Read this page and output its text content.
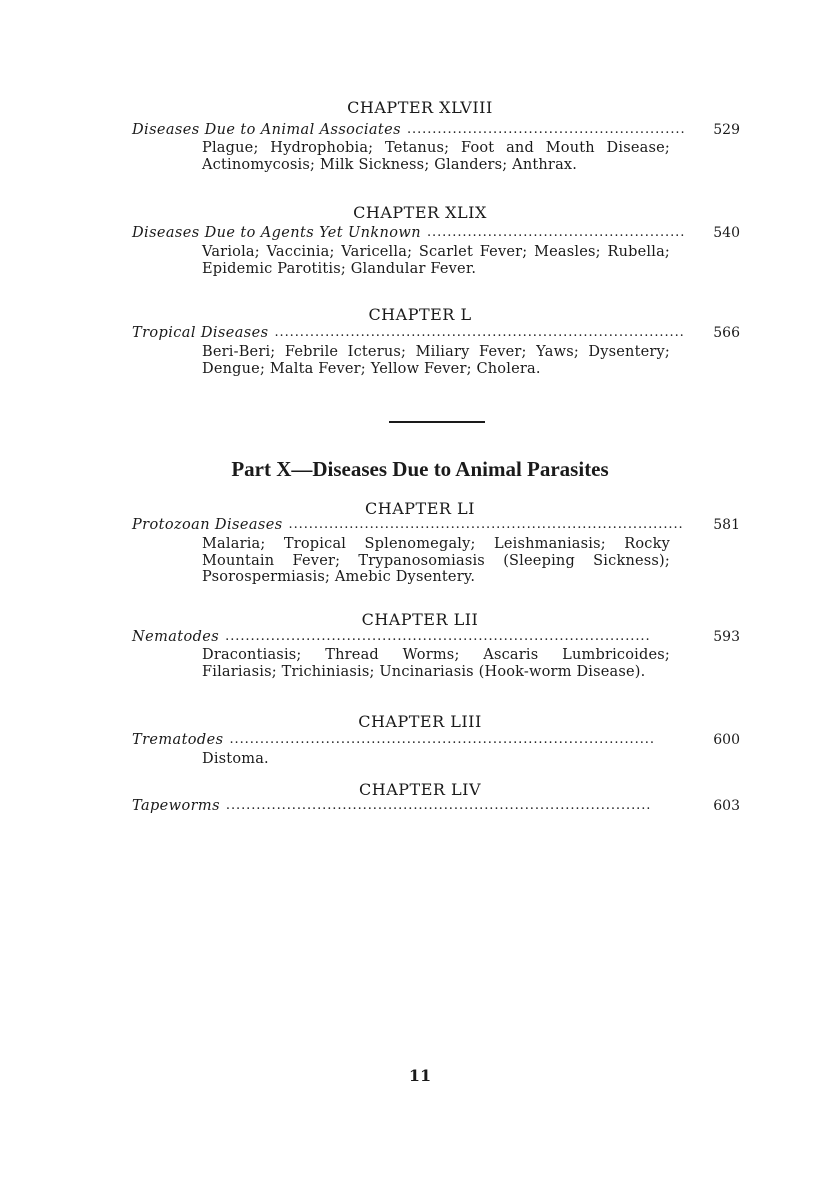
CHAPTER XLVIII
Diseases Due to Animal Associates . . .	529
Plague; Hydrophobia; Tetanus; Foot and Mouth Disease; Actinomycosis; Milk Sickness; Glanders; Anthrax.
CHAPTER XLIX
Diseases Due to Agents Yet Unknown . . .	540
Variola; Vaccinia; Varicella; Scarlet Fever; Measles; Rubella; Epidemic Parotitis; Glandular Fever.
CHAPTER L
Tropical Diseases . . .	566
Beri-Beri; Febrile Icterus; Miliary Fever; Yaws; Dysentery; Dengue; Malta Fever; Yellow Fever; Cholera.
Part X—Diseases Due to Animal Parasites
CHAPTER LI
Protozoan Diseases . . .	581
Malaria; Tropical Splenomegaly; Leishmaniasis; Rocky Mountain Fever; Trypanosomiasis (Sleeping Sickness); Psorospermiasis; Amebic Dysentery.
CHAPTER LII
Nematodes . . .	593
Dracontiasis; Thread Worms; Ascaris Lumbricoides; Filariasis; Trichiniasis; Uncinariasis (Hook-worm Disease).
CHAPTER LIII
Trematodes . . .	600
Distoma.
CHAPTER LIV
Tapeworms . . .	603
11
